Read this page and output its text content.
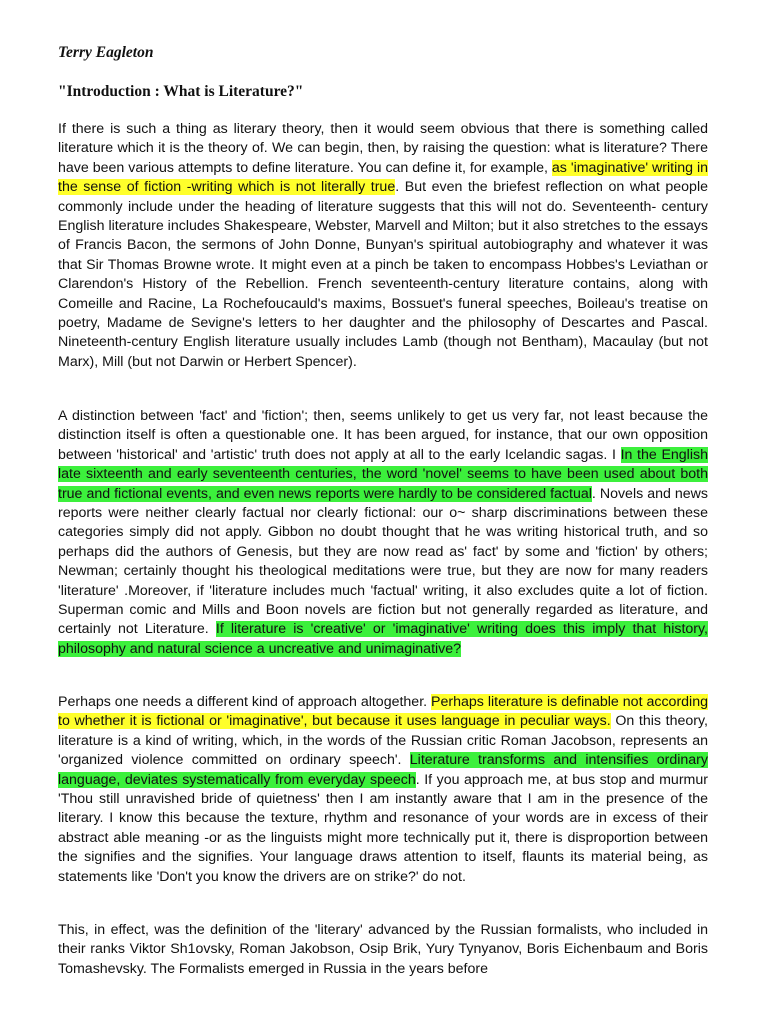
Terry Eagleton
"Introduction : What is Literature?"

If there is such a thing as literary theory, then it would seem obvious that there is something called literature which it is the theory of. We can begin, then, by raising the question: what is literature? There have been various attempts to define literature. You can define it, for example, as 'imaginative' writing in the sense of fiction -writing which is not literally true. But even the briefest reflection on what people commonly include under the heading of literature suggests that this will not do. Seventeenth- century English literature includes Shakespeare, Webster, Marvell and Milton; but it also stretches to the essays of Francis Bacon, the sermons of John Donne, Bunyan's spiritual autobiography and whatever it was that Sir Thomas Browne wrote. It might even at a pinch be taken to encompass Hobbes's Leviathan or Clarendon's History of the Rebellion. French seventeenth-century literature contains, along with Comeille and Racine, La Rochefoucauld's maxims, Bossuet's funeral speeches, Boileau's treatise on poetry, Madame de Sevigne's letters to her daughter and the philosophy of Descartes and Pascal. Nineteenth-century English literature usually includes Lamb (though not Bentham), Macaulay (but not Marx), Mill (but not Darwin or Herbert Spencer).

A distinction between 'fact' and 'fiction'; then, seems unlikely to get us very far, not least because the distinction itself is often a questionable one. It has been argued, for instance, that our own opposition between 'historical' and 'artistic' truth does not apply at all to the early Icelandic sagas. I In the English late sixteenth and early seventeenth centuries, the word 'novel' seems to have been used about both true and fictional events, and even news reports were hardly to be considered factual. Novels and news reports were neither clearly factual nor clearly fictional: our o~ sharp discriminations between these categories simply did not apply. Gibbon no doubt thought that he was writing historical truth, and so perhaps did the authors of Genesis, but they are now read as' fact' by some and 'fiction' by others; Newman; certainly thought his theological meditations were true, but they are now for many readers 'literature' .Moreover, if 'literature includes much 'factual' writing, it also excludes quite a lot of fiction. Superman comic and Mills and Boon novels are fiction but not generally regarded as literature, and certainly not Literature. If literature is 'creative' or 'imaginative' writing does this imply that history, philosophy and natural science a uncreative and unimaginative?

Perhaps one needs a different kind of approach altogether. Perhaps literature is definable not according to whether it is fictional or 'imaginative', but because it uses language in peculiar ways. On this theory, literature is a kind of writing, which, in the words of the Russian critic Roman Jacobson, represents an 'organized violence committed on ordinary speech'. Literature transforms and intensifies ordinary language, deviates systematically from everyday speech. If you approach me, at bus stop and murmur 'Thou still unravished bride of quietness' then I am instantly aware that I am in the presence of the literary. I know this because the texture, rhythm and resonance of your words are in excess of their abstract able meaning -or as the linguists might more technically put it, there is disproportion between the signifies and the signifies. Your language draws attention to itself, flaunts its material being, as statements like 'Don't you know the drivers are on strike?' do not.

This, in effect, was the definition of the 'literary' advanced by the Russian formalists, who included in their ranks Viktor Sh1ovsky, Roman Jakobson, Osip Brik, Yury Tynyanov, Boris Eichenbaum and Boris Tomashevsky. The Formalists emerged in Russia in the years before
